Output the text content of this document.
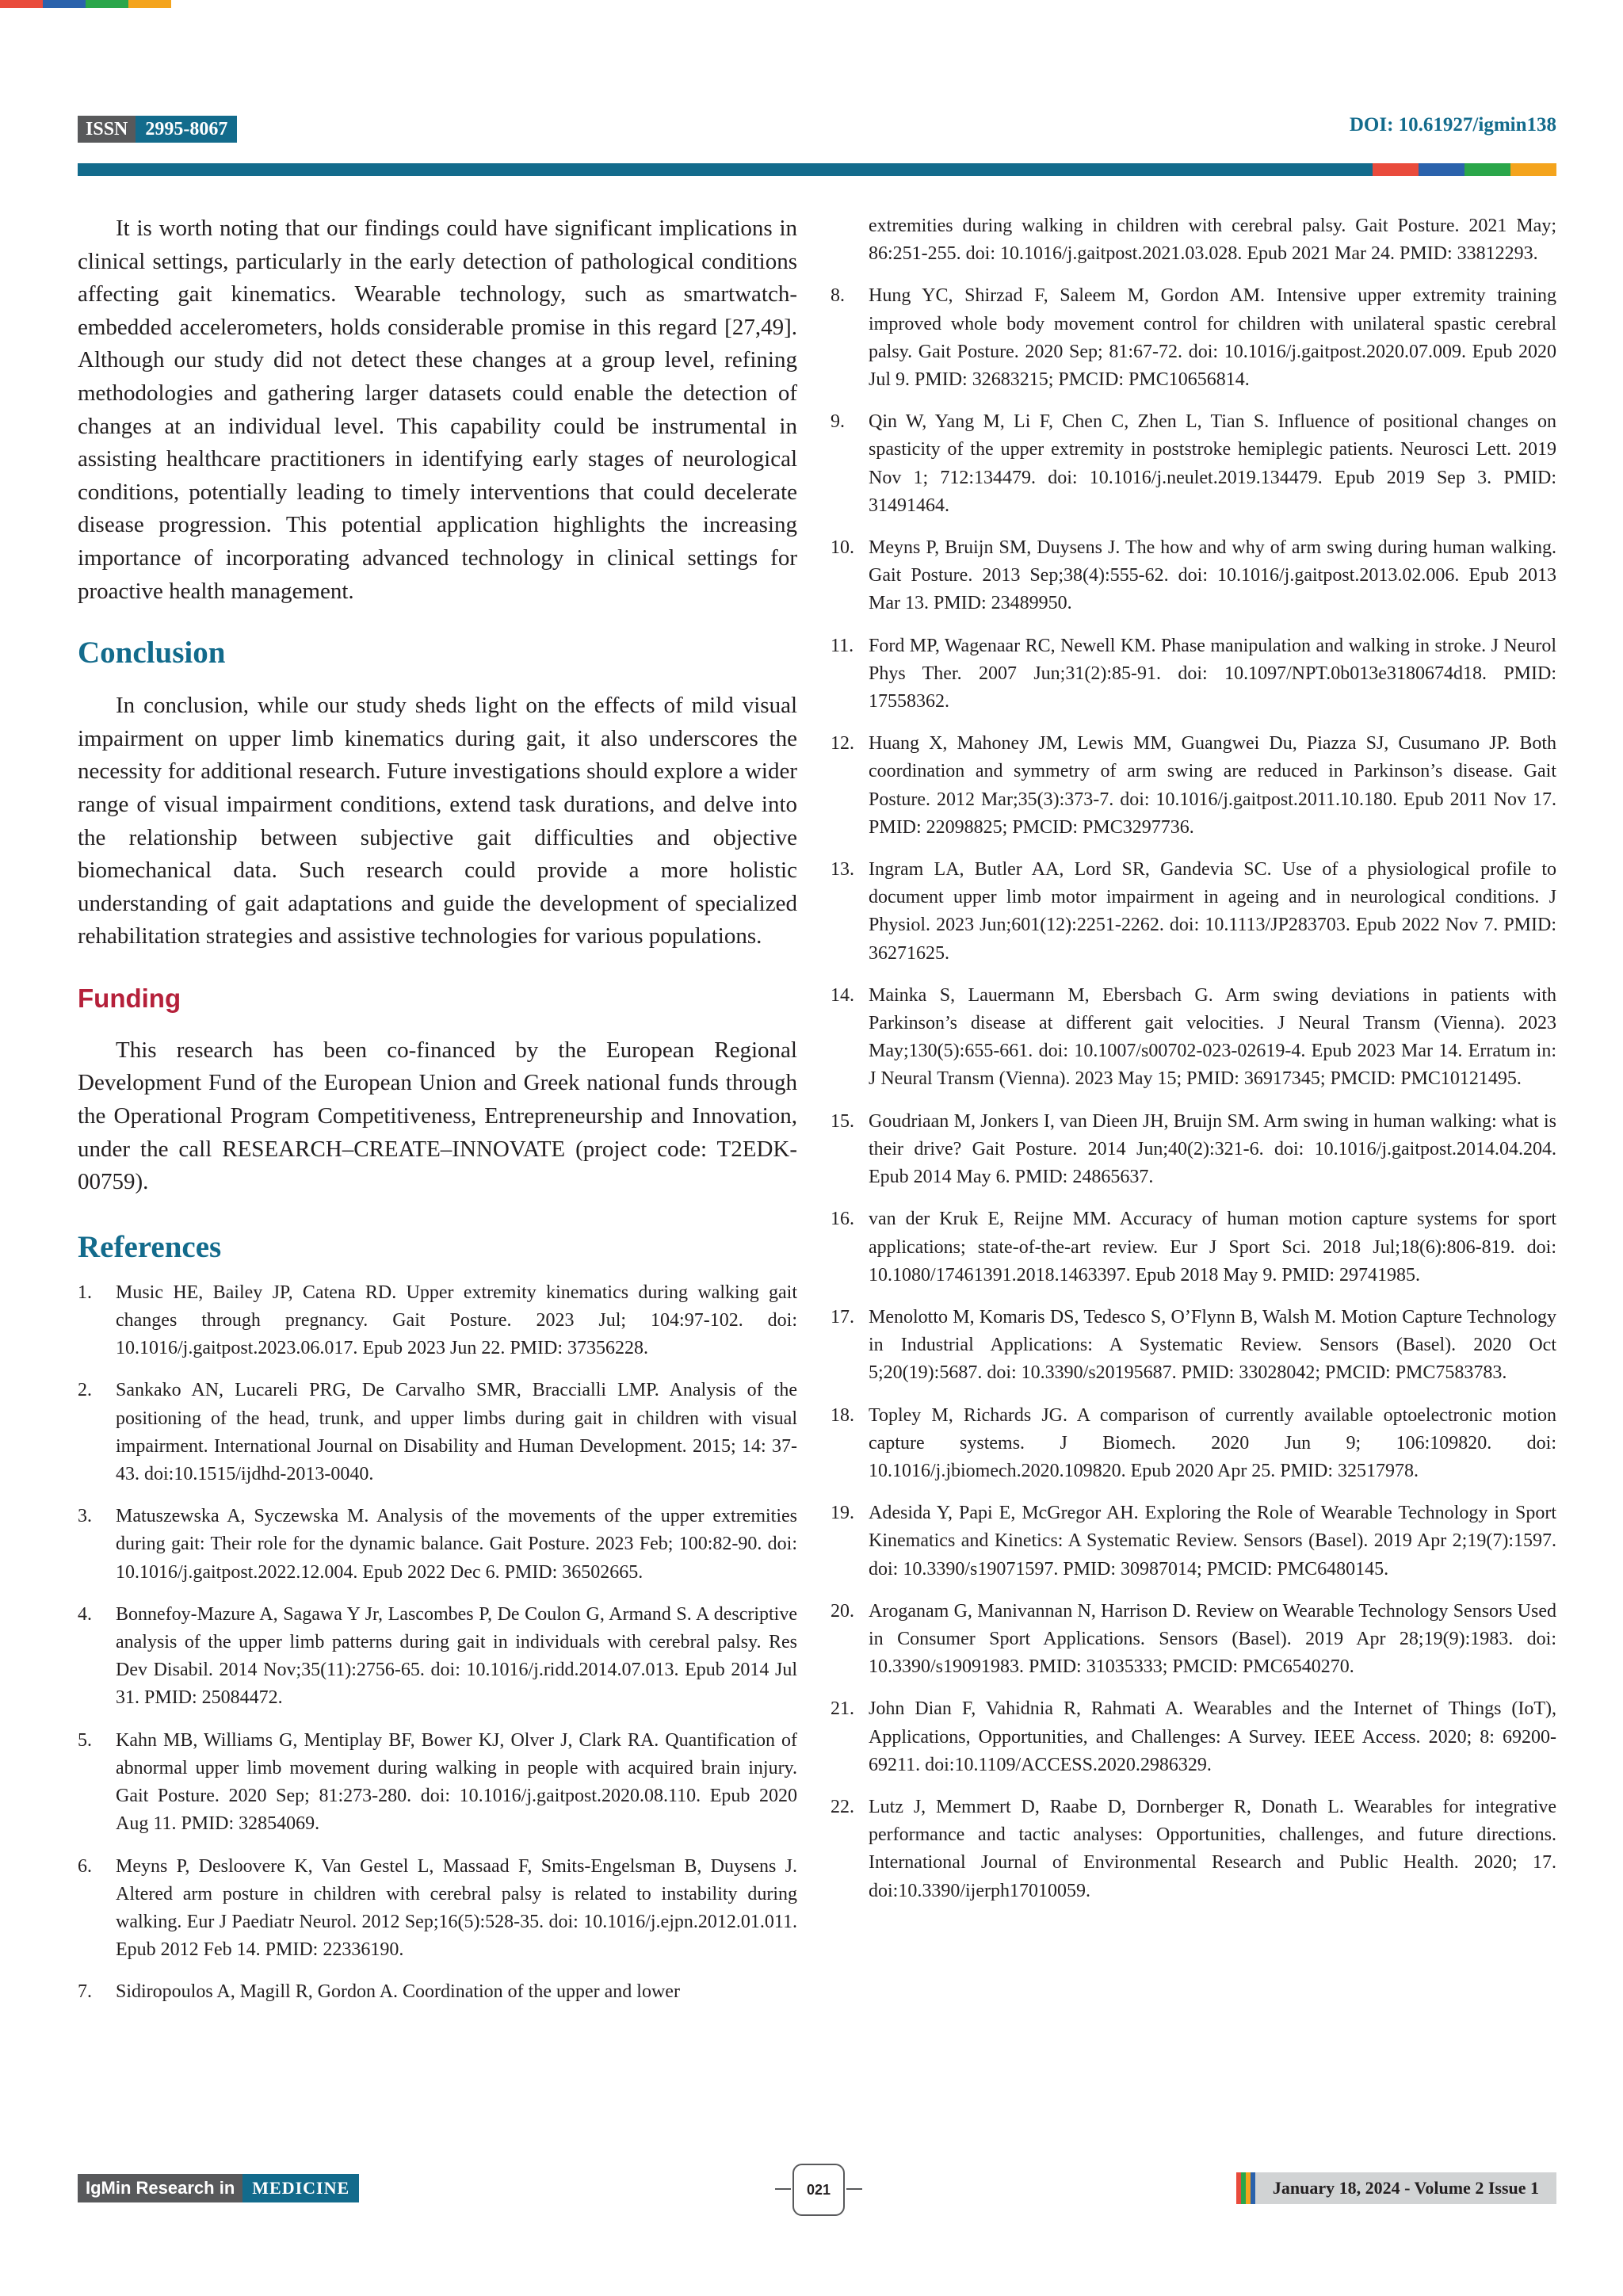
ISSN 2995-8067	DOI: 10.61927/igmin138

It is worth noting that our findings could have significant implications in clinical settings, particularly in the early detection of pathological conditions affecting gait kinematics. Wearable technology, such as smartwatch-embedded accelerometers, holds considerable promise in this regard [27,49]. Although our study did not detect these changes at a group level, refining methodologies and gathering larger datasets could enable the detection of changes at an individual level. This capability could be instrumental in assisting healthcare practitioners in identifying early stages of neurological conditions, potentially leading to timely interventions that could decelerate disease progression. This potential application highlights the increasing importance of incorporating advanced technology in clinical settings for proactive health management.

Conclusion

In conclusion, while our study sheds light on the effects of mild visual impairment on upper limb kinematics during gait, it also underscores the necessity for additional research. Future investigations should explore a wider range of visual impairment conditions, extend task durations, and delve into the relationship between subjective gait difficulties and objective biomechanical data. Such research could provide a more holistic understanding of gait adaptations and guide the development of specialized rehabilitation strategies and assistive technologies for various populations.

Funding

This research has been co-financed by the European Regional Development Fund of the European Union and Greek national funds through the Operational Program Competitiveness, Entrepreneurship and Innovation, under the call RESEARCH–CREATE–INNOVATE (project code: T2EDK-00759).

References
1.	Music HE, Bailey JP, Catena RD. Upper extremity kinematics during walking gait changes through pregnancy. Gait Posture. 2023 Jul; 104:97-102. doi: 10.1016/j.gaitpost.2023.06.017. Epub 2023 Jun 22. PMID: 37356228.
2.	Sankako AN, Lucareli PRG, De Carvalho SMR, Braccialli LMP. Analysis of the positioning of the head, trunk, and upper limbs during gait in children with visual impairment. International Journal on Disability and Human Development. 2015; 14: 37-43. doi:10.1515/ijdhd-2013-0040.
3.	Matuszewska A, Syczewska M. Analysis of the movements of the upper extremities during gait: Their role for the dynamic balance. Gait Posture. 2023 Feb; 100:82-90. doi: 10.1016/j.gaitpost.2022.12.004. Epub 2022 Dec 6. PMID: 36502665.
4.	Bonnefoy-Mazure A, Sagawa Y Jr, Lascombes P, De Coulon G, Armand S. A descriptive analysis of the upper limb patterns during gait in individuals with cerebral palsy. Res Dev Disabil. 2014 Nov;35(11):2756-65. doi: 10.1016/j.ridd.2014.07.013. Epub 2014 Jul 31. PMID: 25084472.
5.	Kahn MB, Williams G, Mentiplay BF, Bower KJ, Olver J, Clark RA. Quantification of abnormal upper limb movement during walking in people with acquired brain injury. Gait Posture. 2020 Sep; 81:273-280. doi: 10.1016/j.gaitpost.2020.08.110. Epub 2020 Aug 11. PMID: 32854069.
6.	Meyns P, Desloovere K, Van Gestel L, Massaad F, Smits-Engelsman B, Duysens J. Altered arm posture in children with cerebral palsy is related to instability during walking. Eur J Paediatr Neurol. 2012 Sep;16(5):528-35. doi: 10.1016/j.ejpn.2012.01.011. Epub 2012 Feb 14. PMID: 22336190.
7.	Sidiropoulos A, Magill R, Gordon A. Coordination of the upper and lower

extremities during walking in children with cerebral palsy. Gait Posture. 2021 May; 86:251-255. doi: 10.1016/j.gaitpost.2021.03.028. Epub 2021 Mar 24. PMID: 33812293.

8.	Hung YC, Shirzad F, Saleem M, Gordon AM. Intensive upper extremity training improved whole body movement control for children with unilateral spastic cerebral palsy. Gait Posture. 2020 Sep; 81:67-72. doi: 10.1016/j.gaitpost.2020.07.009. Epub 2020 Jul 9. PMID: 32683215; PMCID: PMC10656814.
9.	Qin W, Yang M, Li F, Chen C, Zhen L, Tian S. Influence of positional changes on spasticity of the upper extremity in poststroke hemiplegic patients. Neurosci Lett. 2019 Nov 1; 712:134479. doi: 10.1016/j.neulet.2019.134479. Epub 2019 Sep 3. PMID: 31491464.
10. Meyns P, Bruijn SM, Duysens J. The how and why of arm swing during human walking. Gait Posture. 2013 Sep;38(4):555-62. doi: 10.1016/j.gaitpost.2013.02.006. Epub 2013 Mar 13. PMID: 23489950.
11. Ford MP, Wagenaar RC, Newell KM. Phase manipulation and walking in stroke. J Neurol Phys Ther. 2007 Jun;31(2):85-91. doi: 10.1097/NPT.0b013e3180674d18. PMID: 17558362.
12. Huang X, Mahoney JM, Lewis MM, Guangwei Du, Piazza SJ, Cusumano JP. Both coordination and symmetry of arm swing are reduced in Parkinson’s disease. Gait Posture. 2012 Mar;35(3):373-7. doi: 10.1016/j.gaitpost.2011.10.180. Epub 2011 Nov 17. PMID: 22098825; PMCID: PMC3297736.
13. Ingram LA, Butler AA, Lord SR, Gandevia SC. Use of a physiological profile to document upper limb motor impairment in ageing and in neurological conditions. J Physiol. 2023 Jun;601(12):2251-2262. doi: 10.1113/JP283703. Epub 2022 Nov 7. PMID: 36271625.
14. Mainka S, Lauermann M, Ebersbach G. Arm swing deviations in patients with Parkinson’s disease at different gait velocities. J Neural Transm (Vienna). 2023 May;130(5):655-661. doi: 10.1007/s00702-023-02619-4. Epub 2023 Mar 14. Erratum in: J Neural Transm (Vienna). 2023 May 15; PMID: 36917345; PMCID: PMC10121495.
15. Goudriaan M, Jonkers I, van Dieen JH, Bruijn SM. Arm swing in human walking: what is their drive? Gait Posture. 2014 Jun;40(2):321-6. doi: 10.1016/j.gaitpost.2014.04.204. Epub 2014 May 6. PMID: 24865637.
16. van der Kruk E, Reijne MM. Accuracy of human motion capture systems for sport applications; state-of-the-art review. Eur J Sport Sci. 2018 Jul;18(6):806-819. doi: 10.1080/17461391.2018.1463397. Epub 2018 May 9. PMID: 29741985.
17. Menolotto M, Komaris DS, Tedesco S, O’Flynn B, Walsh M. Motion Capture Technology in Industrial Applications: A Systematic Review. Sensors (Basel). 2020 Oct 5;20(19):5687. doi: 10.3390/s20195687. PMID: 33028042; PMCID: PMC7583783.
18. Topley M, Richards JG. A comparison of currently available optoelectronic motion capture systems. J Biomech. 2020 Jun 9; 106:109820. doi: 10.1016/j.jbiomech.2020.109820. Epub 2020 Apr 25. PMID: 32517978.
19. Adesida Y, Papi E, McGregor AH. Exploring the Role of Wearable Technology in Sport Kinematics and Kinetics: A Systematic Review. Sensors (Basel). 2019 Apr 2;19(7):1597. doi: 10.3390/s19071597. PMID: 30987014; PMCID: PMC6480145.
20. Aroganam G, Manivannan N, Harrison D. Review on Wearable Technology Sensors Used in Consumer Sport Applications. Sensors (Basel). 2019 Apr 28;19(9):1983. doi: 10.3390/s19091983. PMID: 31035333; PMCID: PMC6540270.
21. John Dian F, Vahidnia R, Rahmati A. Wearables and the Internet of Things (IoT), Applications, Opportunities, and Challenges: A Survey. IEEE Access. 2020; 8: 69200-69211. doi:10.1109/ACCESS.2020.2986329.
22. Lutz J, Memmert D, Raabe D, Dornberger R, Donath L. Wearables for integrative performance and tactic analyses: Opportunities, challenges, and future directions. International Journal of Environmental Research and Public Health. 2020; 17. doi:10.3390/ijerph17010059.
IgMin Research in	MEDICINE	021	January 18, 2024 - Volume 2 Issue 1
